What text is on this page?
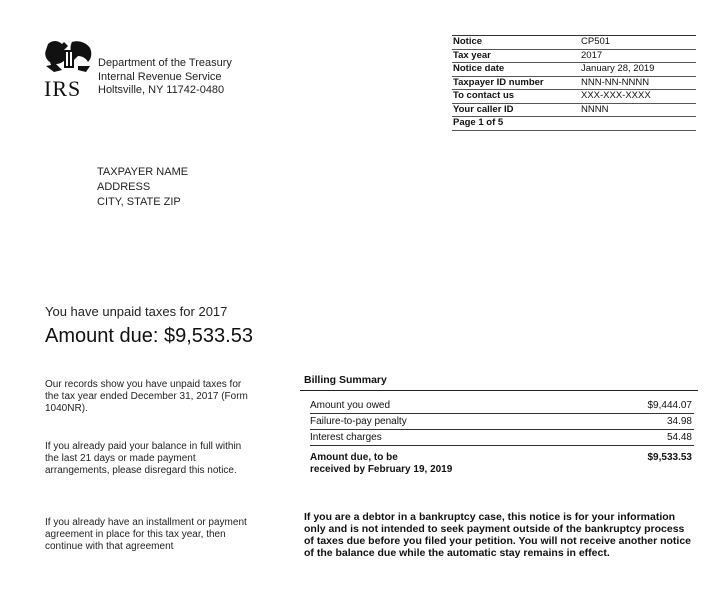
IRS
Department of the Treasury
Internal Revenue Service
Holtsville, NY 11742-0480
Notice	CP501
Tax year	2017
Notice date	January 28, 2019
Taxpayer ID number	NNN-NN-NNNN
To contact us	XXX-XXX-XXXX
Your caller ID	NNNN
Page 1 of 5
TAXPAYER NAME
ADDRESS
CITY, STATE ZIP
You have unpaid taxes for 2017
Amount due: $9,533.53
Our records show you have unpaid taxes for the tax year ended December 31, 2017 (Form 1040NR).
If you already paid your balance in full within the last 21 days or made payment arrangements, please disregard this notice.
If you already have an installment or payment agreement in place for this tax year, then continue with that agreement
Billing Summary
Amount you owed	$9,444.07
Failure-to-pay penalty	34.98
Interest charges	54.48
Amount due, to be
received by February 19, 2019
$9,533.53
If you are a debtor in a bankruptcy case, this notice is for your information only and is not intended to seek payment outside of the bankruptcy process of taxes due before you filed your petition. You will not receive another notice of the balance due while the automatic stay remains in effect.
